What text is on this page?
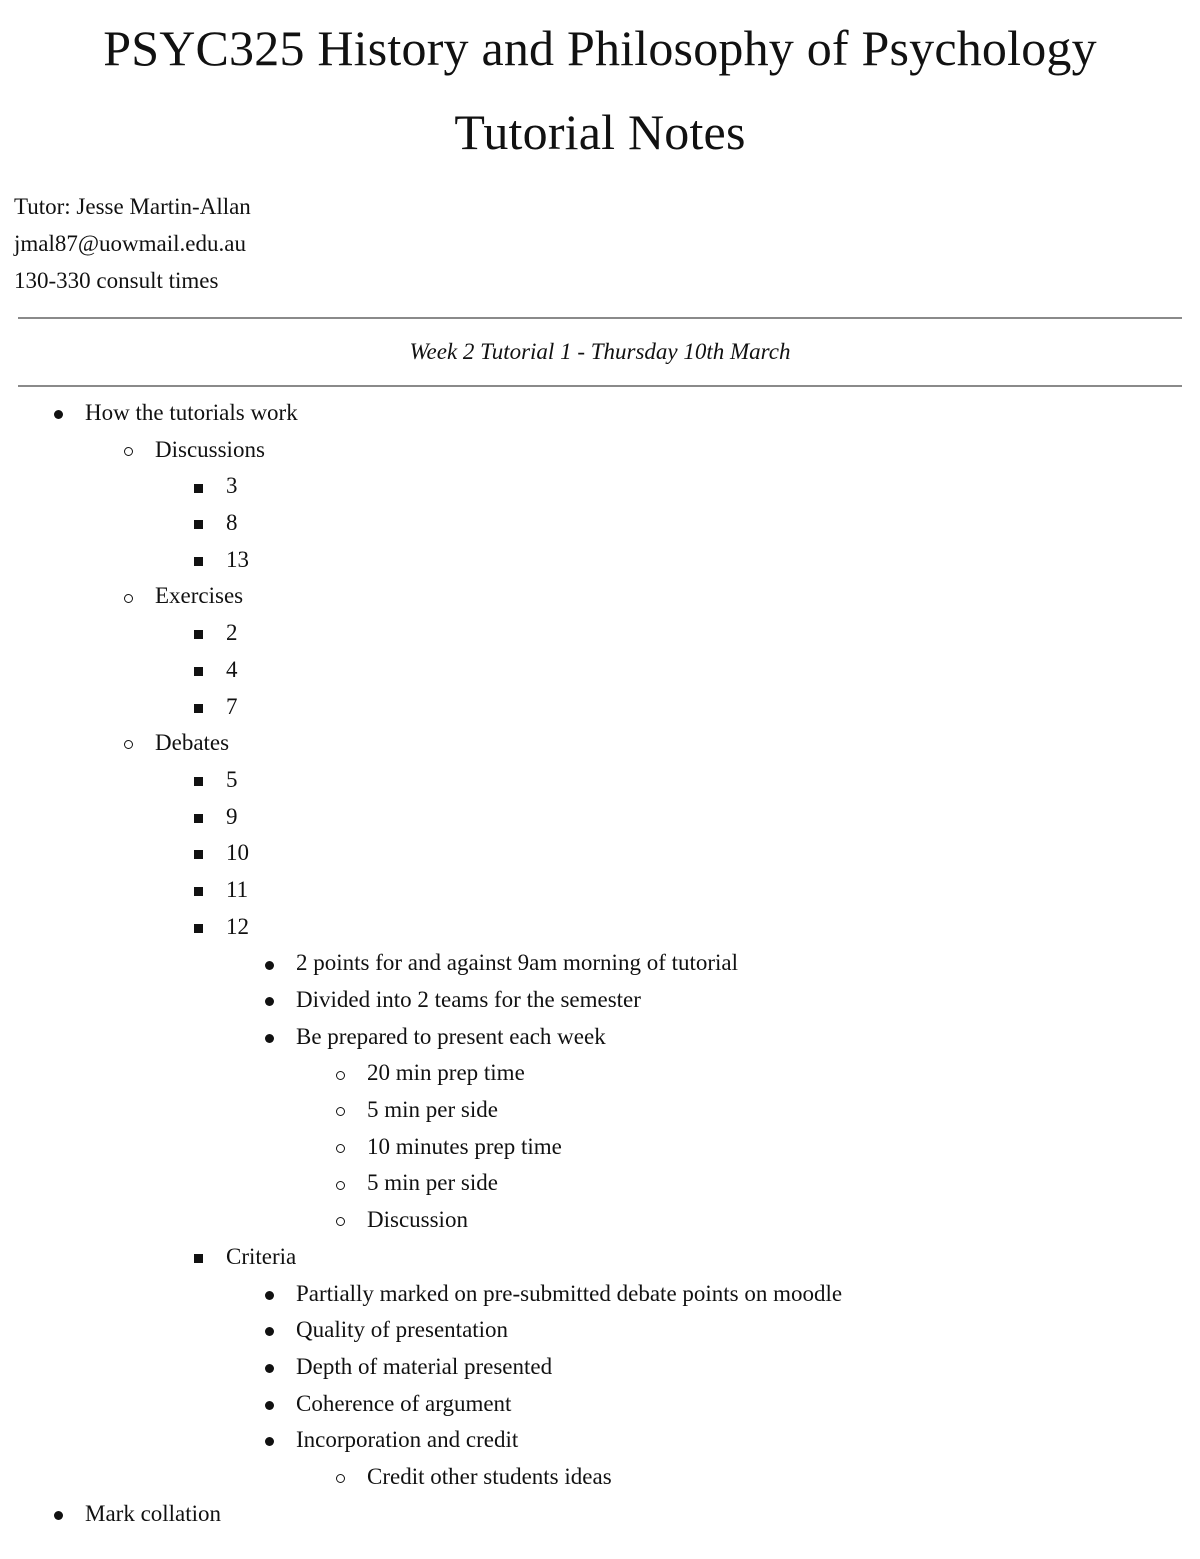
PSYC325 History and Philosophy of Psychology
Tutorial Notes
Tutor: Jesse Martin-Allan
jmal87@uowmail.edu.au
130-330 consult times
Week 2 Tutorial 1 - Thursday 10th March
How the tutorials work
Discussions
3
8
13
Exercises
2
4
7
Debates
5
9
10
11
12
2 points for and against 9am morning of tutorial
Divided into 2 teams for the semester
Be prepared to present each week
20 min prep time
5 min per side
10 minutes prep time
5 min per side
Discussion
Criteria
Partially marked on pre-submitted debate points on moodle
Quality of presentation
Depth of material presented
Coherence of argument
Incorporation and credit
Credit other students ideas
Mark collation
